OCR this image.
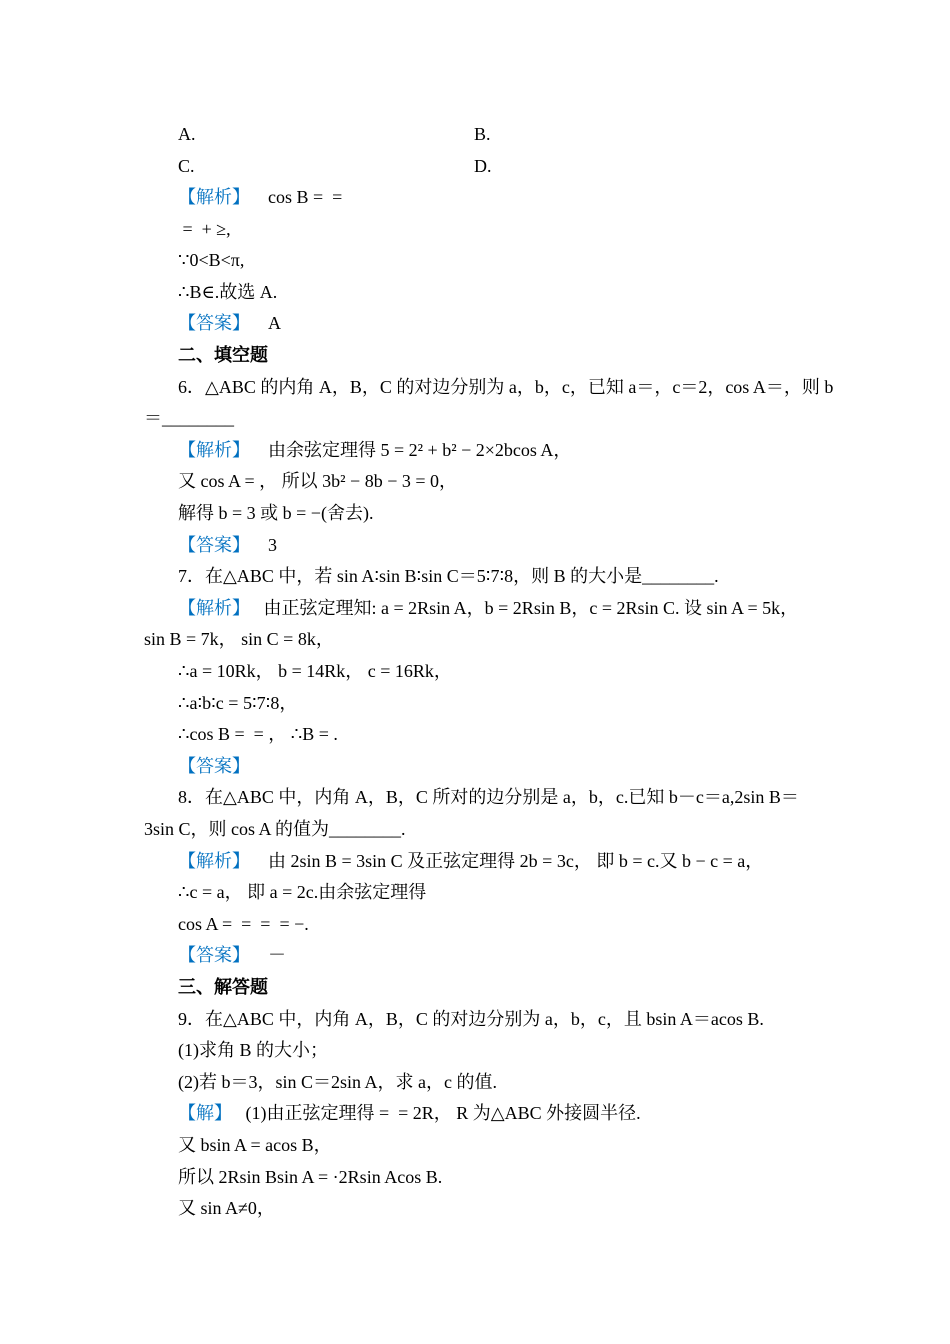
A.	B.
C.	D.
【解析】    cos B =  =
=  + ≥,
∵0<B<π,
∴B∈.故选 A.
【答案】    A
二、填空题
6．△ABC 的内角 A，B，C 的对边分别为 a，b，c，已知 a＝，c＝2，cos A＝，则 b
＝________
【解析】    由余弦定理得 5 = 2² + b² − 2×2bcos A，
又 cos A = ， 所以 3b² − 8b − 3 = 0，
解得 b = 3 或 b = −(舍去).
【答案】    3
7．在△ABC 中，若 sin A∶sin B∶sin C＝5∶7∶8，则 B 的大小是________.
【解析】   由正弦定理知: a = 2Rsin A，b = 2Rsin B，c = 2Rsin C. 设 sin A = 5k，
sin B = 7k， sin C = 8k，
∴a = 10Rk， b = 14Rk， c = 16Rk，
∴a∶b∶c = 5∶7∶8，
∴cos B =  = ， ∴B = .
【答案】
8．在△ABC 中，内角 A，B，C 所对的边分别是 a，b，c.已知 b－c＝a,2sin B＝
3sin C，则 cos A 的值为________.
【解析】    由 2sin B = 3sin C 及正弦定理得 2b = 3c， 即 b = c.又 b − c = a，
∴c = a， 即 a = 2c.由余弦定理得
cos A =  =  =  = −.
【答案】    －
三、解答题
9．在△ABC 中，内角 A，B，C 的对边分别为 a，b，c，且 bsin A＝acos B.
(1)求角 B 的大小；
(2)若 b＝3，sin C＝2sin A，求 a，c 的值.
【解】   (1)由正弦定理得 =  = 2R， R 为△ABC 外接圆半径.
又 bsin A = acos B，
所以 2Rsin Bsin A = ·2Rsin Acos B.
又 sin A≠0，
